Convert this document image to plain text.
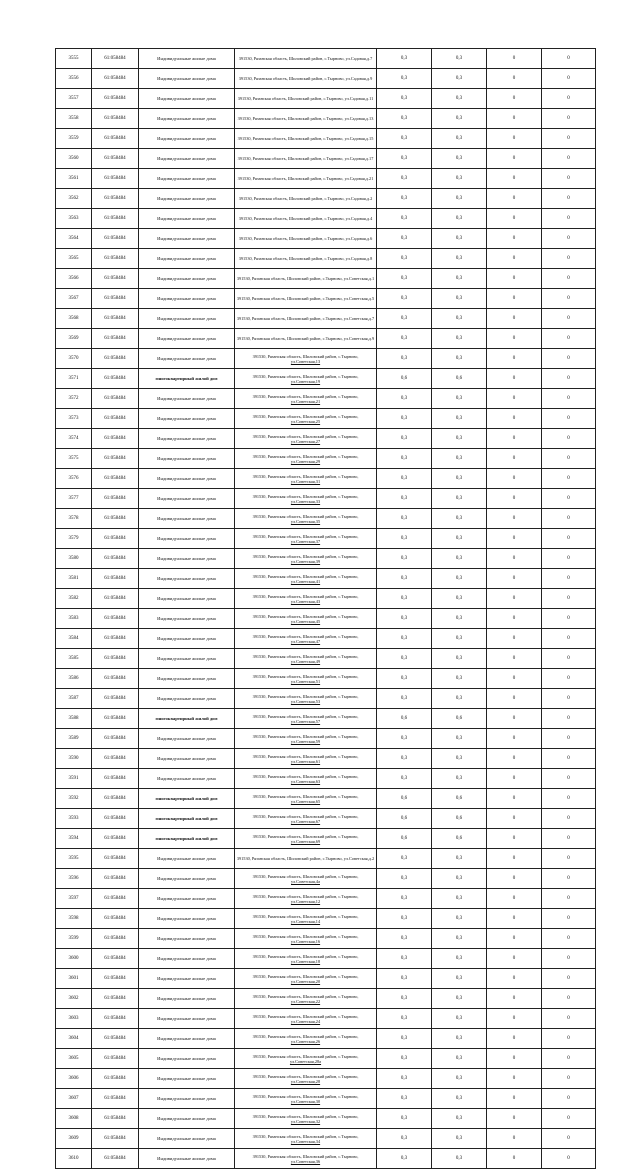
3555	61:058484	Индивидуальные жилые дома	391530, Рязанская область, Шиловский район, с.Тырново, ул.Садовая,д.7	0,3	0,3	0	0
3556	61:058484	Индивидуальные жилые дома	391530, Рязанская область, Шиловский район, с.Тырново, ул.Садовая,д.9	0,3	0,3	0	0
3557	61:058484	Индивидуальные жилые дома	391530, Рязанская область, Шиловский район, с.Тырново, ул.Садовая,д.11	0,3	0,3	0	0
3558	61:058484	Индивидуальные жилые дома	391530, Рязанская область, Шиловский район, с.Тырново, ул.Садовая,д.13	0,3	0,3	0	0
3559	61:058484	Индивидуальные жилые дома	391530, Рязанская область, Шиловский район, с.Тырново, ул.Садовая,д.15	0,3	0,3	0	0
3560	61:058484	Индивидуальные жилые дома	391530, Рязанская область, Шиловский район, с.Тырново, ул.Садовая,д.17	0,3	0,3	0	0
3561	61:058484	Индивидуальные жилые дома	391530, Рязанская область, Шиловский район, с.Тырново, ул.Садовая,д.21	0,3	0,3	0	0
3562	61:058484	Индивидуальные жилые дома	391530, Рязанская область, Шиловский район, с.Тырново, ул.Садовая,д.2	0,3	0,3	0	0
3563	61:058484	Индивидуальные жилые дома	391530, Рязанская область, Шиловский район, с.Тырново, ул.Садовая,д.4	0,3	0,3	0	0
3564	61:058484	Индивидуальные жилые дома	391530, Рязанская область, Шиловский район, с.Тырново, ул.Садовая,д.6	0,3	0,3	0	0
3565	61:058484	Индивидуальные жилые дома	391530, Рязанская область, Шиловский район, с.Тырново, ул.Садовая,д.8	0,3	0,3	0	0
3566	61:058484	Индивидуальные жилые дома	391530, Рязанская область, Шиловский район, с.Тырново, ул.Советская,д.1	0,3	0,3	0	0
3567	61:058484	Индивидуальные жилые дома	391530, Рязанская область, Шиловский район, с.Тырново, ул.Советская,д.5	0,3	0,3	0	0
3568	61:058484	Индивидуальные жилые дома	391530, Рязанская область, Шиловский район, с.Тырново, ул.Советская,д.7	0,3	0,3	0	0
3569	61:058484	Индивидуальные жилые дома	391530, Рязанская область, Шиловский район, с.Тырново, ул.Советская,д.9	0,3	0,3	0	0
3570	61:058484	Индивидуальные жилые дома	391530, Рязанская область, Шиловский район, с.Тырново,
ул.Советская,13	0,3	0,3	0	0
3571	61:058484	многоквартирный жилой дом	391530, Рязанская область, Шиловский район, с.Тырново,
ул.Советская,19	0,6	0,6	0	0
3572	61:058484	Индивидуальные жилые дома	391530, Рязанская область, Шиловский район, с.Тырново,
ул.Советская,21	0,3	0,3	0	0
3573	61:058484	Индивидуальные жилые дома	391530, Рязанская область, Шиловский район, с.Тырново,
ул.Советская,25	0,3	0,3	0	0
3574	61:058484	Индивидуальные жилые дома	391530, Рязанская область, Шиловский район, с.Тырново,
ул.Советская,27	0,3	0,3	0	0
3575	61:058484	Индивидуальные жилые дома	391530, Рязанская область, Шиловский район, с.Тырново,
ул.Советская,29	0,3	0,3	0	0
3576	61:058484	Индивидуальные жилые дома	391530, Рязанская область, Шиловский район, с.Тырново,
ул.Советская,31	0,3	0,3	0	0
3577	61:058484	Индивидуальные жилые дома	391530, Рязанская область, Шиловский район, с.Тырново,
ул.Советская,33	0,3	0,3	0	0
3578	61:058484	Индивидуальные жилые дома	391530, Рязанская область, Шиловский район, с.Тырново,
ул.Советская,35	0,3	0,3	0	0
3579	61:058484	Индивидуальные жилые дома	391530, Рязанская область, Шиловский район, с.Тырново,
ул.Советская,37	0,3	0,3	0	0
3580	61:058484	Индивидуальные жилые дома	391530, Рязанская область, Шиловский район, с.Тырново,
ул.Советская,39	0,3	0,3	0	0
3581	61:058484	Индивидуальные жилые дома	391530, Рязанская область, Шиловский район, с.Тырново,
ул.Советская,41	0,3	0,3	0	0
3582	61:058484	Индивидуальные жилые дома	391530, Рязанская область, Шиловский район, с.Тырново,
ул.Советская,43	0,3	0,3	0	0
3583	61:058484	Индивидуальные жилые дома	391530, Рязанская область, Шиловский район, с.Тырново,
ул.Советская,45	0,3	0,3	0	0
3584	61:058484	Индивидуальные жилые дома	391530, Рязанская область, Шиловский район, с.Тырново,
ул.Советская,47	0,3	0,3	0	0
3585	61:058484	Индивидуальные жилые дома	391530, Рязанская область, Шиловский район, с.Тырново,
ул.Советская,49	0,3	0,3	0	0
3586	61:058484	Индивидуальные жилые дома	391530, Рязанская область, Шиловский район, с.Тырново,
ул.Советская,51	0,3	0,3	0	0
3587	61:058484	Индивидуальные жилые дома	391530, Рязанская область, Шиловский район, с.Тырново,
ул.Советская,53	0,3	0,3	0	0
3588	61:058484	многоквартирный жилой дом	391530, Рязанская область, Шиловский район, с.Тырново,
ул.Советская,57	0,6	0,6	0	0
3589	61:058484	Индивидуальные жилые дома	391530, Рязанская область, Шиловский район, с.Тырново,
ул.Советская,59	0,3	0,3	0	0
3590	61:058484	Индивидуальные жилые дома	391530, Рязанская область, Шиловский район, с.Тырново,
ул.Советская,61	0,3	0,3	0	0
3591	61:058484	Индивидуальные жилые дома	391530, Рязанская область, Шиловский район, с.Тырново,
ул.Советская,63	0,3	0,3	0	0
3592	61:058484	многоквартирный жилой дом	391530, Рязанская область, Шиловский район, с.Тырново,
ул.Советская,65	0,6	0,6	0	0
3593	61:058484	многоквартирный жилой дом	391530, Рязанская область, Шиловский район, с.Тырново,
ул.Советская,67	0,6	0,6	0	0
3594	61:058484	многоквартирный жилой дом	391530, Рязанская область, Шиловский район, с.Тырново,
ул.Советская,69	0,6	0,6	0	0
3595	61:058484	Индивидуальные жилые дома	391530, Рязанская область, Шиловский район, с.Тырново, ул.Советская,д.2	0,3	0,3	0	0
3596	61:058484	Индивидуальные жилые дома	391530, Рязанская область, Шиловский район, с.Тырново,
ул.Советская,4а	0,3	0,3	0	0
3597	61:058484	Индивидуальные жилые дома	391530, Рязанская область, Шиловский район, с.Тырново,
ул.Советская,12	0,3	0,3	0	0
3598	61:058484	Индивидуальные жилые дома	391530, Рязанская область, Шиловский район, с.Тырново,
ул.Советская,14	0,3	0,3	0	0
3599	61:058484	Индивидуальные жилые дома	391530, Рязанская область, Шиловский район, с.Тырново,
ул.Советская,16	0,3	0,3	0	0
3600	61:058484	Индивидуальные жилые дома	391530, Рязанская область, Шиловский район, с.Тырново,
ул.Советская,18	0,3	0,3	0	0
3601	61:058484	Индивидуальные жилые дома	391530, Рязанская область, Шиловский район, с.Тырново,
ул.Советская,20	0,3	0,3	0	0
3602	61:058484	Индивидуальные жилые дома	391530, Рязанская область, Шиловский район, с.Тырново,
ул.Советская,22	0,3	0,3	0	0
3603	61:058484	Индивидуальные жилые дома	391530, Рязанская область, Шиловский район, с.Тырново,
ул.Советская,24	0,3	0,3	0	0
3604	61:058484	Индивидуальные жилые дома	391530, Рязанская область, Шиловский район, с.Тырново,
ул.Советская,26	0,3	0,3	0	0
3605	61:058484	Индивидуальные жилые дома	391530, Рязанская область, Шиловский район, с.Тырново,
ул.Советская,28а	0,3	0,3	0	0
3606	61:058484	Индивидуальные жилые дома	391530, Рязанская область, Шиловский район, с.Тырново,
ул.Советская,28	0,3	0,3	0	0
3607	61:058484	Индивидуальные жилые дома	391530, Рязанская область, Шиловский район, с.Тырново,
ул.Советская,30	0,3	0,3	0	0
3608	61:058484	Индивидуальные жилые дома	391530, Рязанская область, Шиловский район, с.Тырново,
ул.Советская,32	0,3	0,3	0	0
3609	61:058484	Индивидуальные жилые дома	391530, Рязанская область, Шиловский район, с.Тырново,
ул.Советская,34	0,3	0,3	0	0
3610	61:058484	Индивидуальные жилые дома	391530, Рязанская область, Шиловский район, с.Тырново,
ул.Советская,36	0,3	0,3	0	0
